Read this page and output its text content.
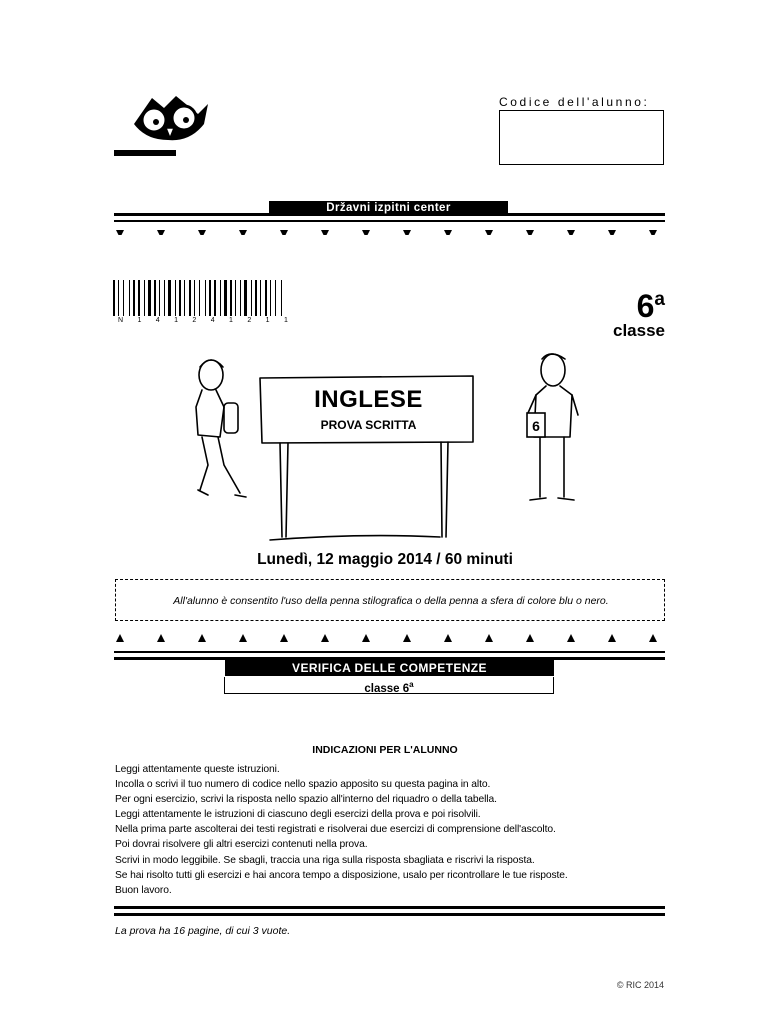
Codice dell'alunno:
Državni izpitni center
N 1 4 1 2 4 1 2 1 1	6$^a$
classe
6
INGLESE
PROVA SCRITTA
Lunedì, 12 maggio 2014 / 60 minuti
All'alunno è consentito l'uso della penna stilografica o della penna a sfera di colore blu o nero.
VERIFICA DELLE COMPETENZE
classe 6$^a$
INDICAZIONI PER L'ALUNNO
Leggi attentamente queste istruzioni.
Incolla o scrivi il tuo numero di codice nello spazio apposito su questa pagina in alto.
Per ogni esercizio, scrivi la risposta nello spazio all'interno del riquadro o della tabella.
Leggi attentamente le istruzioni di ciascuno degli esercizi della prova e poi risolvili.
Nella prima parte ascolterai dei testi registrati e risolverai due esercizi di comprensione dell'ascolto.
Poi dovrai risolvere gli altri esercizi contenuti nella prova.
Scrivi in modo leggibile. Se sbagli, traccia una riga sulla risposta sbagliata e riscrivi la risposta.
Se hai risolto tutti gli esercizi e hai ancora tempo a disposizione, usalo per ricontrollare le tue risposte.
Buon lavoro.
La prova ha 16 pagine, di cui 3 vuote.
© RIC 2014
